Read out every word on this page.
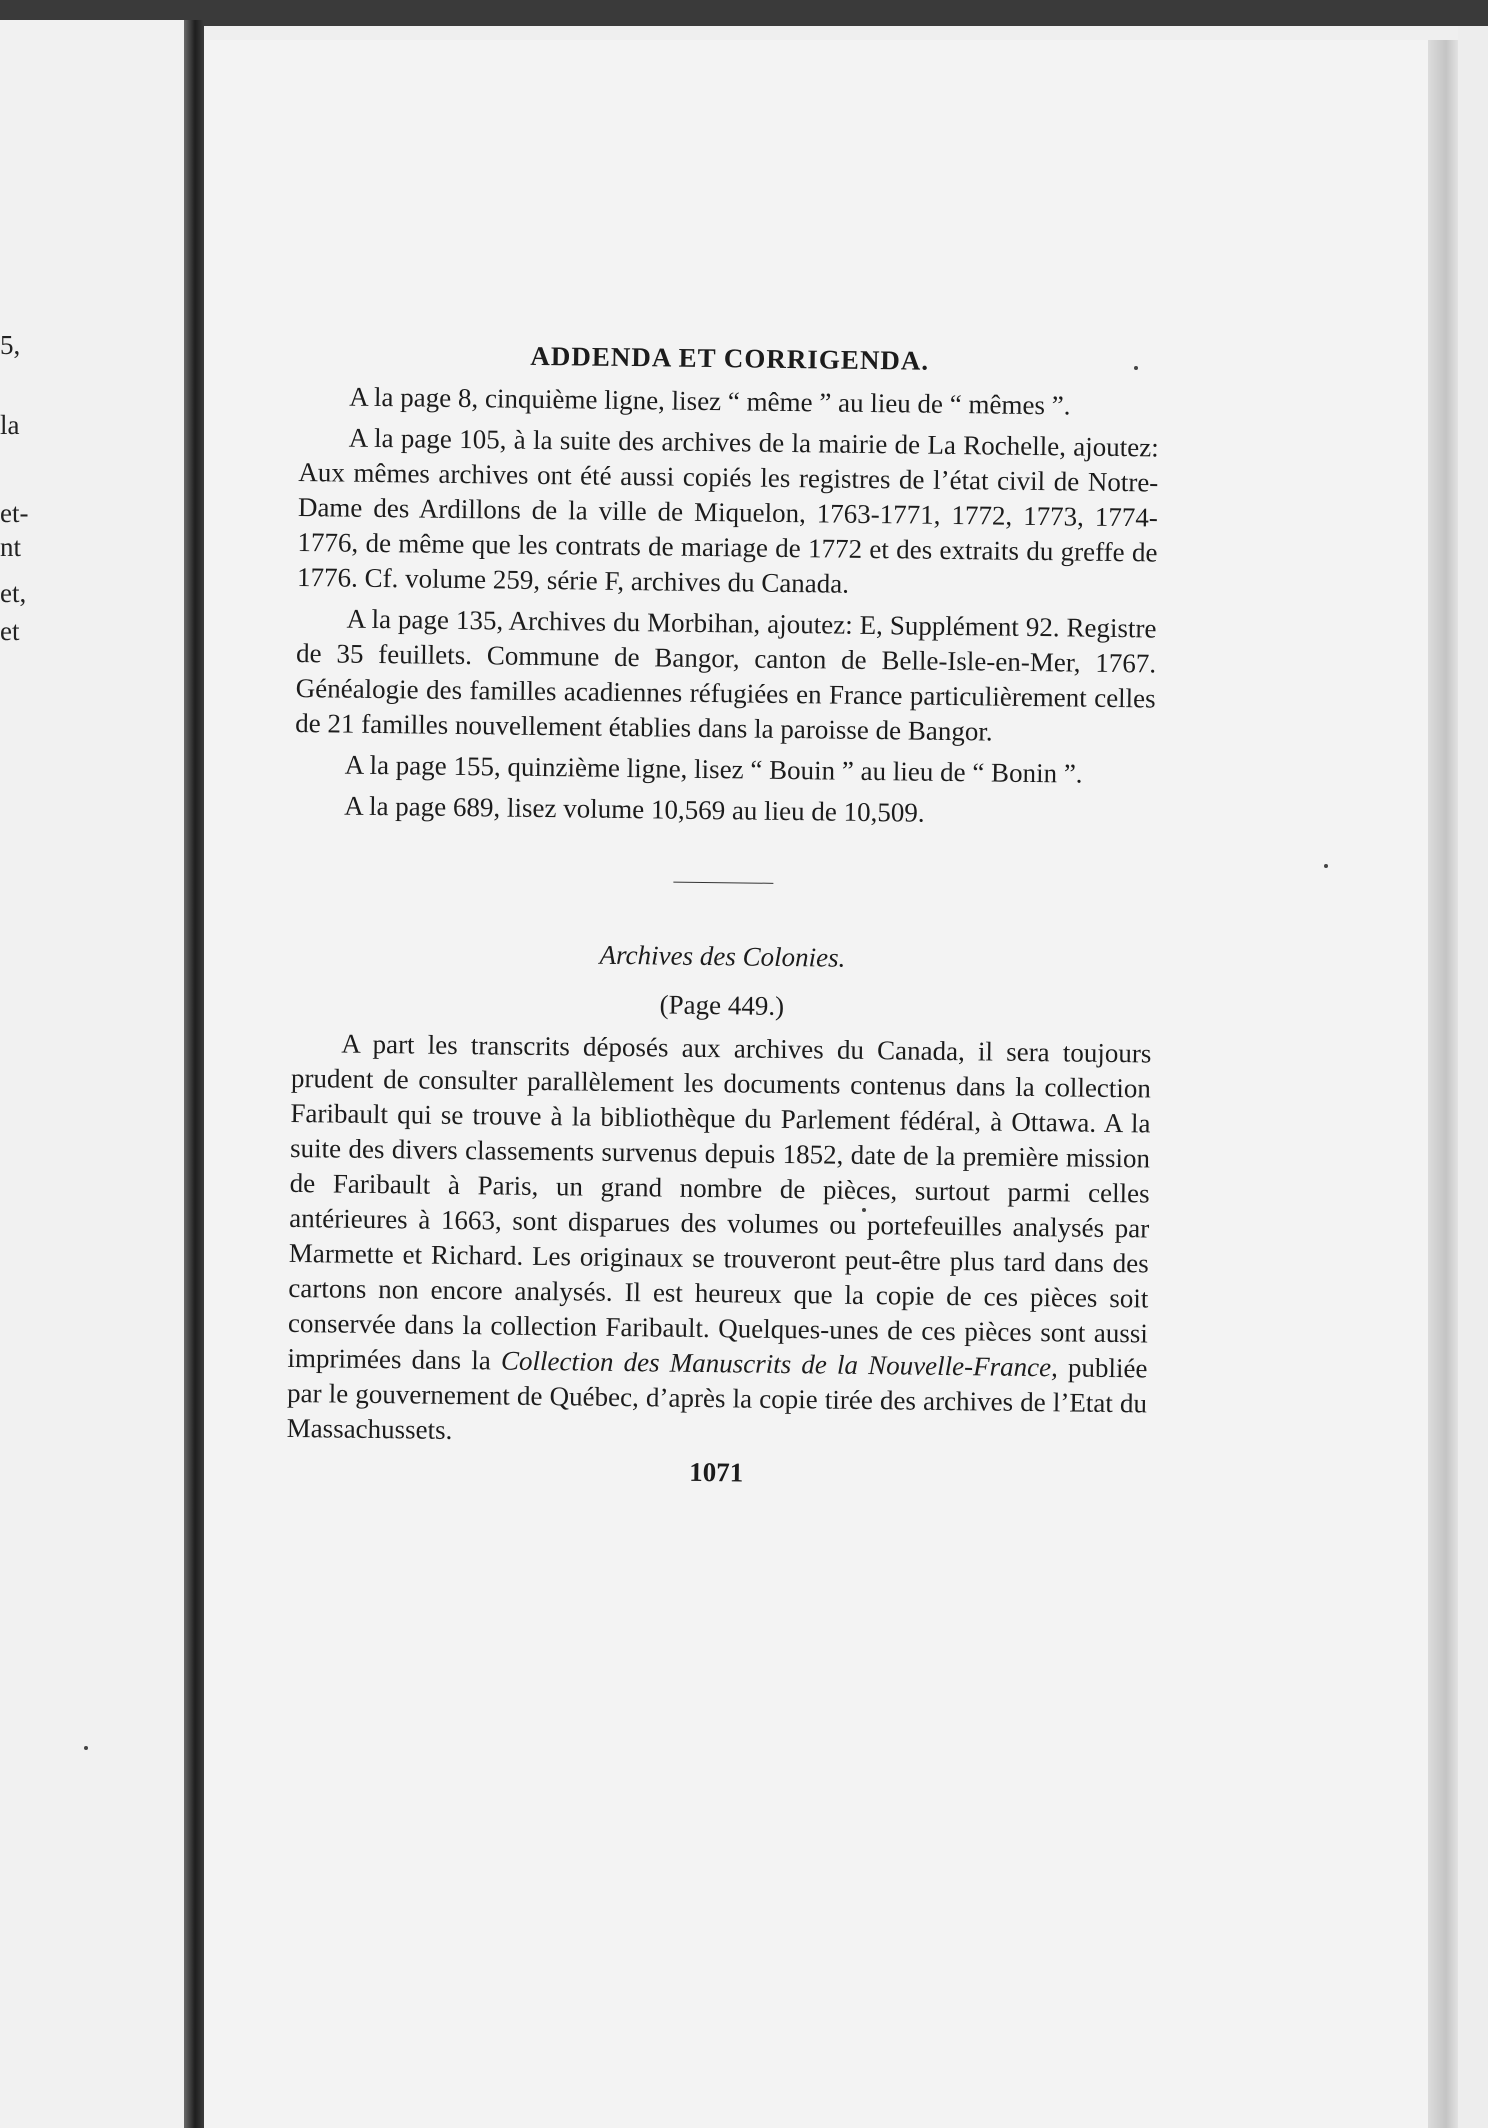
5,
la
et-
nt
et,
et
ADDENDA ET CORRIGENDA.

A la page 8, cinquième ligne, lisez “ même ” au lieu de “ mêmes ”.

A la page 105, à la suite des archives de la mairie de La Rochelle, ajoutez: Aux mêmes archives ont été aussi copiés les registres de l’état civil de Notre-Dame des Ardillons de la ville de Miquelon, 1763-1771, 1772, 1773, 1774-1776, de même que les contrats de mariage de 1772 et des extraits du greffe de 1776. Cf. volume 259, série F, archives du Canada.

A la page 135, Archives du Morbihan, ajoutez: E, Supplément 92. Registre de 35 feuillets. Commune de Bangor, canton de Belle-Isle-en-Mer, 1767. Généalogie des familles acadiennes réfugiées en France particulièrement celles de 21 familles nouvellement établies dans la paroisse de Bangor.

A la page 155, quinzième ligne, lisez “ Bouin ” au lieu de “ Bonin ”.

A la page 689, lisez volume 10,569 au lieu de 10,509.

Archives des Colonies.
(Page 449.)

A part les transcrits déposés aux archives du Canada, il sera toujours prudent de consulter parallèlement les documents contenus dans la collection Faribault qui se trouve à la bibliothèque du Parlement fédéral, à Ottawa. A la suite des divers classements survenus depuis 1852, date de la première mission de Faribault à Paris, un grand nombre de pièces, surtout parmi celles antérieures à 1663, sont disparues des volumes ou portefeuilles analysés par Marmette et Richard. Les originaux se trouveront peut-être plus tard dans des cartons non encore analysés. Il est heureux que la copie de ces pièces soit conservée dans la collection Faribault. Quelques-unes de ces pièces sont aussi imprimées dans la Collection des Manuscrits de la Nouvelle-France, publiée par le gouvernement de Québec, d’après la copie tirée des archives de l’Etat du Massachussets.

1071
